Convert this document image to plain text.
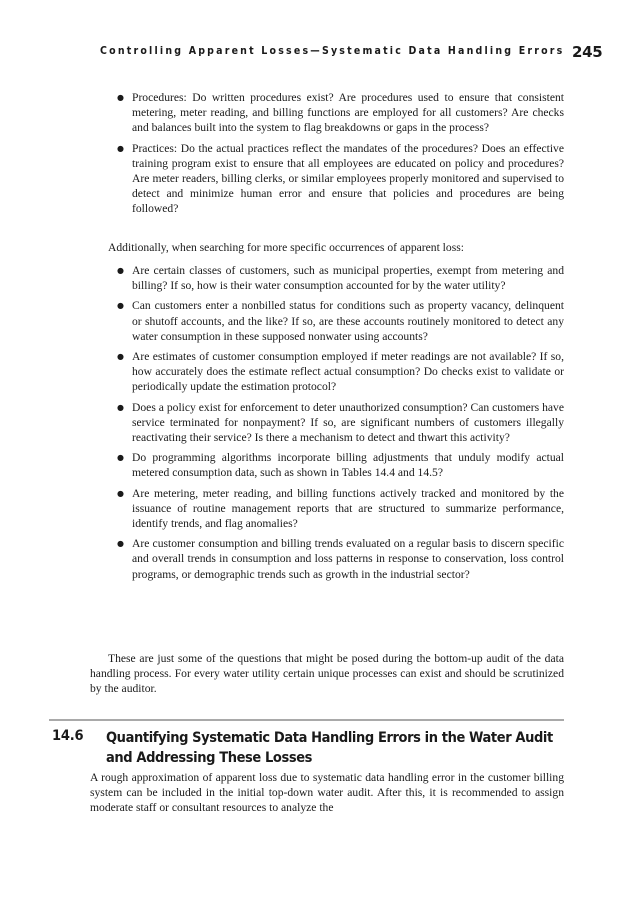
Controlling Apparent Losses—Systematic Data Handling Errors 245
● Procedures: Do written procedures exist? Are procedures used to ensure that consistent metering, meter reading, and billing functions are employed for all customers? Are checks and balances built into the system to flag breakdowns or gaps in the process?
● Practices: Do the actual practices reflect the mandates of the procedures? Does an effective training program exist to ensure that all employees are educated on policy and procedures? Are meter readers, billing clerks, or similar employees properly monitored and supervised to detect and minimize human error and ensure that policies and procedures are being followed?

Additionally, when searching for more specific occurrences of apparent loss:

● Are certain classes of customers, such as municipal properties, exempt from metering and billing? If so, how is their water consumption accounted for by the water utility?
● Can customers enter a nonbilled status for conditions such as property vacancy, delinquent or shutoff accounts, and the like? If so, are these accounts routinely monitored to detect any water consumption in these supposed nonwater using accounts?
● Are estimates of customer consumption employed if meter readings are not available? If so, how accurately does the estimate reflect actual consumption? Do checks exist to validate or periodically update the estimation protocol?
● Does a policy exist for enforcement to deter unauthorized consumption? Can customers have service terminated for nonpayment? If so, are significant numbers of customers illegally reactivating their service? Is there a mechanism to detect and thwart this activity?
● Do programming algorithms incorporate billing adjustments that unduly modify actual metered consumption data, such as shown in Tables 14.4 and 14.5?
● Are metering, meter reading, and billing functions actively tracked and monitored by the issuance of routine management reports that are structured to summarize performance, identify trends, and flag anomalies?
● Are customer consumption and billing trends evaluated on a regular basis to discern specific and overall trends in consumption and loss patterns in response to conservation, loss control programs, or demographic trends such as growth in the industrial sector?

These are just some of the questions that might be posed during the bottom-up audit of the data handling process. For every water utility certain unique processes can exist and should be scrutinized by the auditor.

14.6 Quantifying Systematic Data Handling Errors in the Water Audit and Addressing These Losses

A rough approximation of apparent loss due to systematic data handling error in the customer billing system can be included in the initial top-down water audit. After this, it is recommended to assign moderate staff or consultant resources to analyze the
